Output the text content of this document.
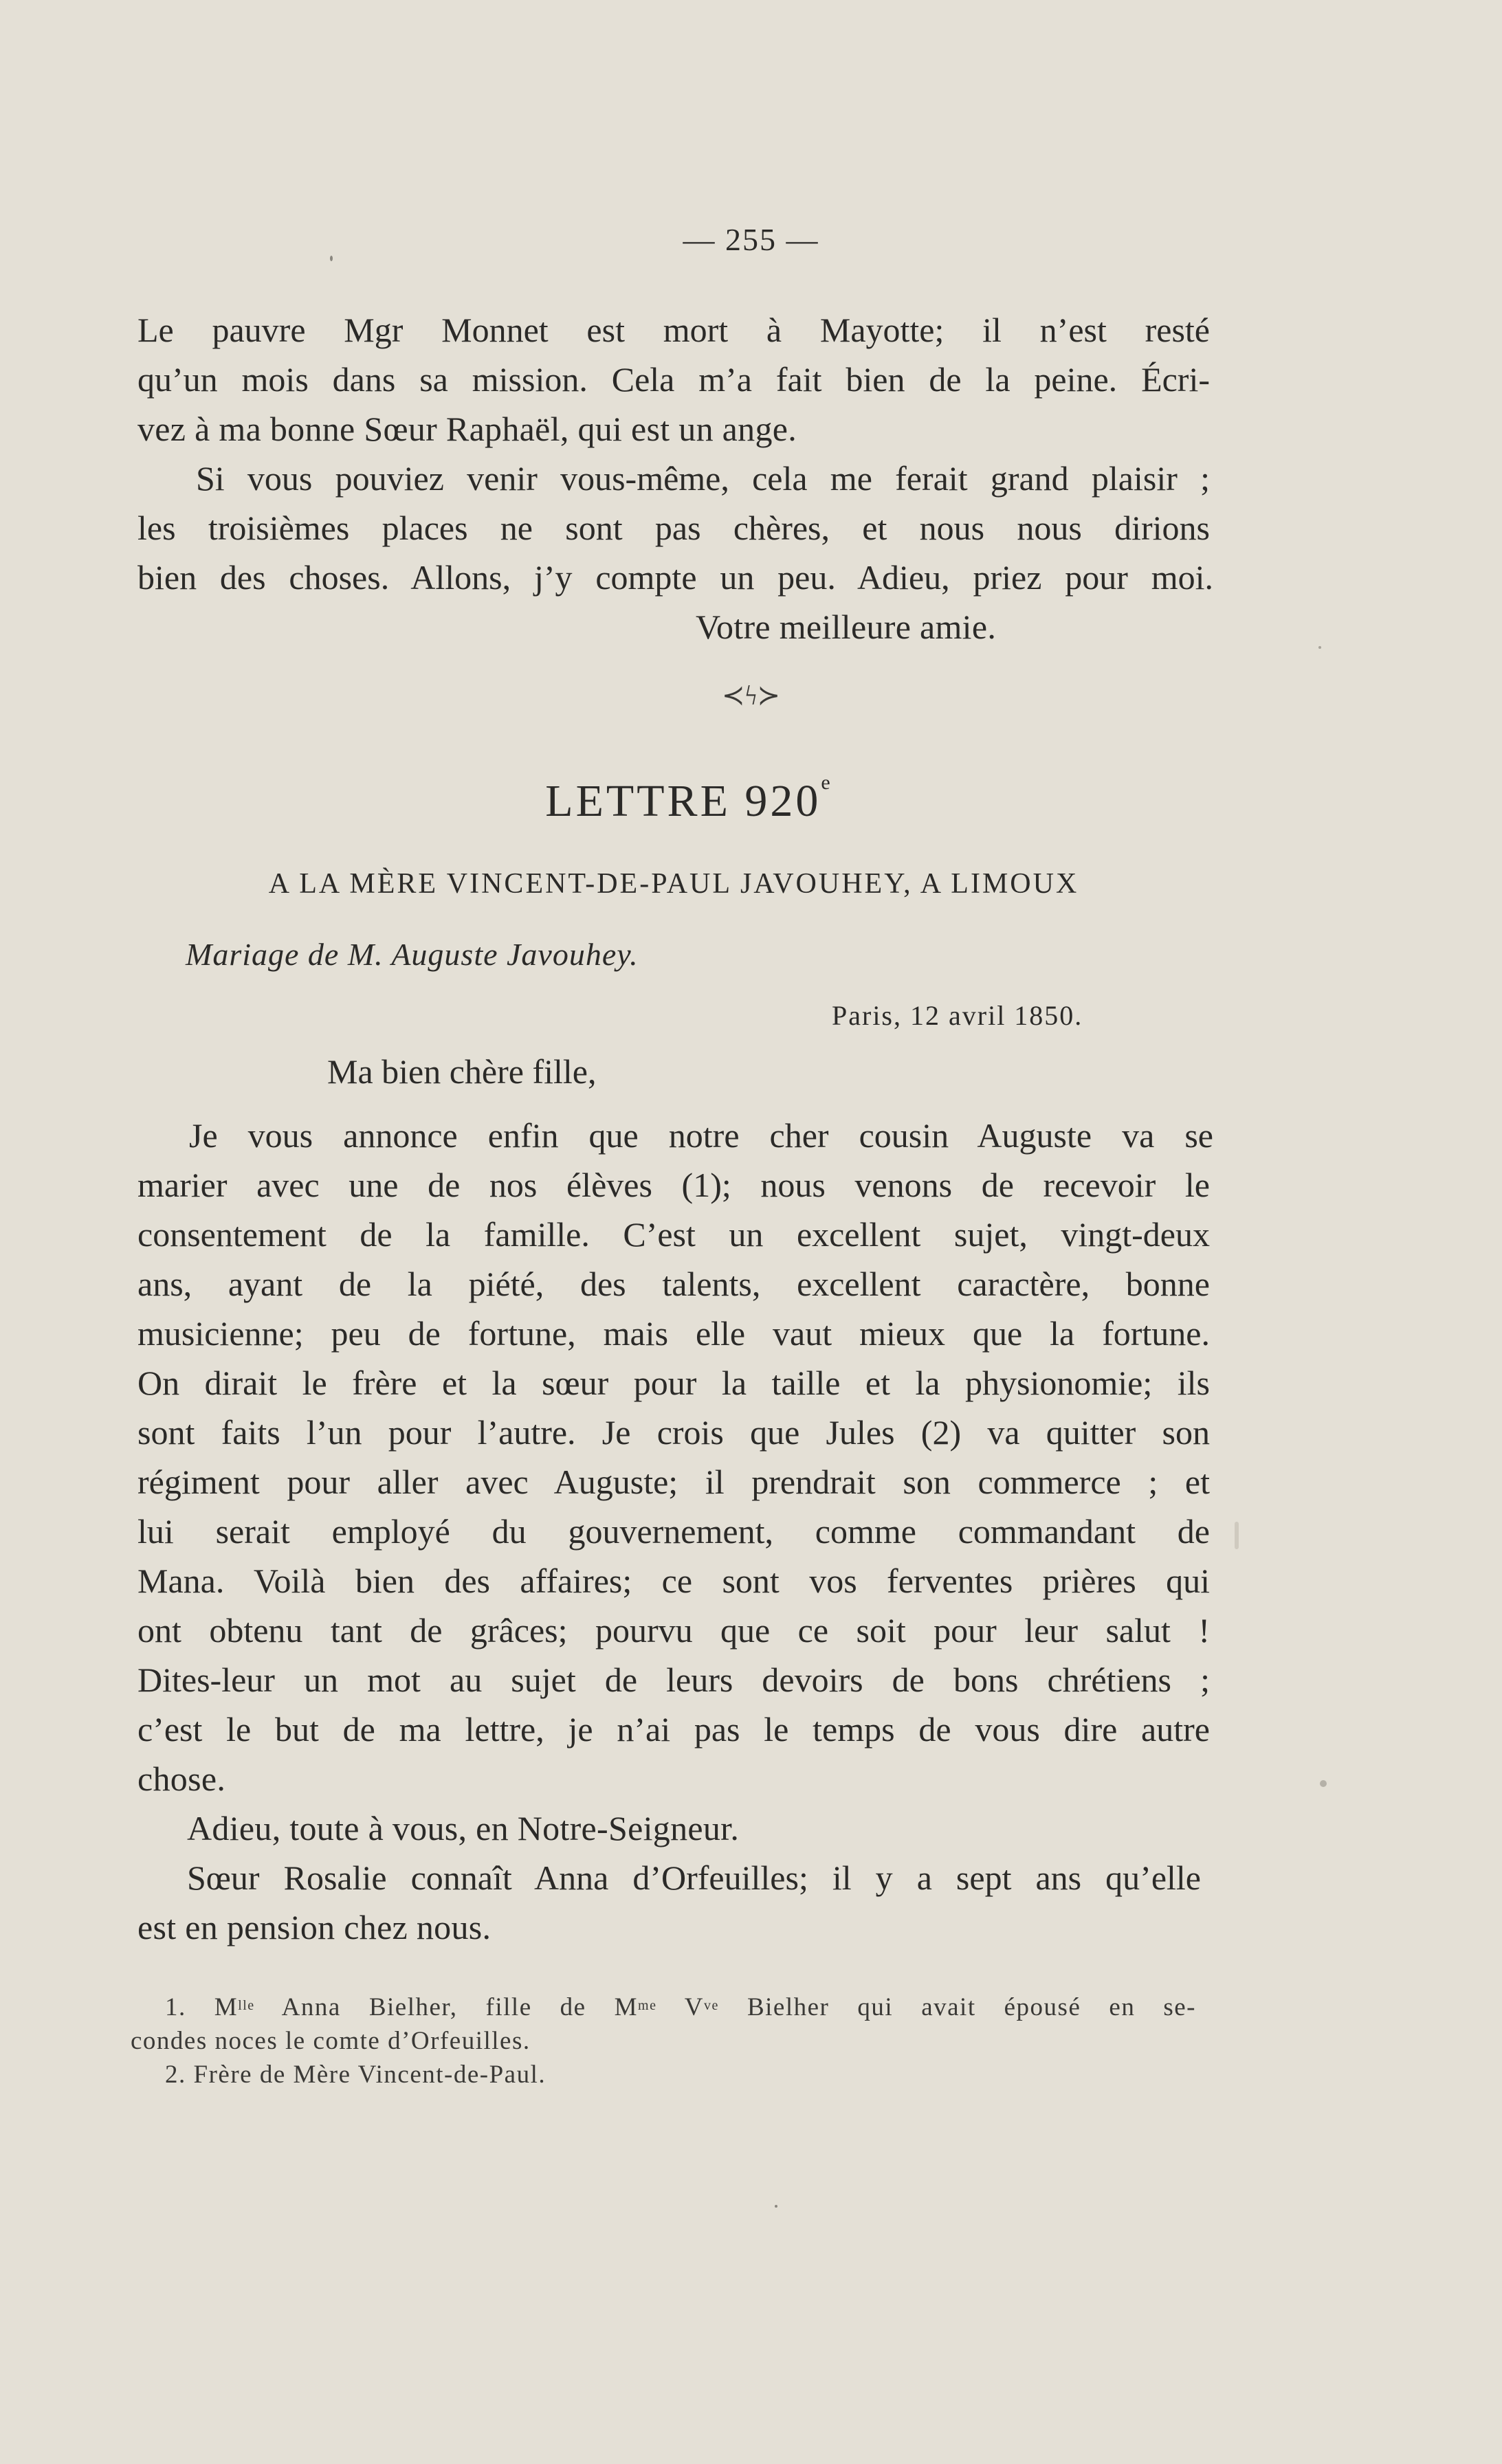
— 255 —
Le pauvre Mgr Monnet est mort à Mayotte; il n’est resté
qu’un mois dans sa mission. Cela m’a fait bien de la peine. Écri-
vez à ma bonne Sœur Raphaël, qui est un ange.
Si vous pouviez venir vous-même, cela me ferait grand plaisir ;
les troisièmes places ne sont pas chères, et nous nous dirions
bien des choses. Allons, j’y compte un peu. Adieu, priez pour moi.
Votre meilleure amie.
≺ϟ≻
LETTRE 920e
A LA MÈRE VINCENT-DE-PAUL JAVOUHEY, A LIMOUX
Mariage de M. Auguste Javouhey.
Paris, 12 avril 1850.
Ma bien chère fille,
Je vous annonce enfin que notre cher cousin Auguste va se
marier avec une de nos élèves (1); nous venons de recevoir le
consentement de la famille. C’est un excellent sujet, vingt-deux
ans, ayant de la piété, des talents, excellent caractère, bonne
musicienne; peu de fortune, mais elle vaut mieux que la fortune.
On dirait le frère et la sœur pour la taille et la physionomie; ils
sont faits l’un pour l’autre. Je crois que Jules (2) va quitter son
régiment pour aller avec Auguste; il prendrait son commerce ; et
lui serait employé du gouvernement, comme commandant de
Mana. Voilà bien des affaires; ce sont vos ferventes prières qui
ont obtenu tant de grâces; pourvu que ce soit pour leur salut !
Dites-leur un mot au sujet de leurs devoirs de bons chrétiens ;
c’est le but de ma lettre, je n’ai pas le temps de vous dire autre
chose.
Adieu, toute à vous, en Notre-Seigneur.
Sœur Rosalie connaît Anna d’Orfeuilles; il y a sept ans qu’elle
est en pension chez nous.
1. $M^{lle}$ Anna Bielher, fille de $M^{me}$ $V^{ve}$ Bielher qui avait épousé en se-
condes noces le comte d’Orfeuilles.
2. Frère de Mère Vincent-de-Paul.
